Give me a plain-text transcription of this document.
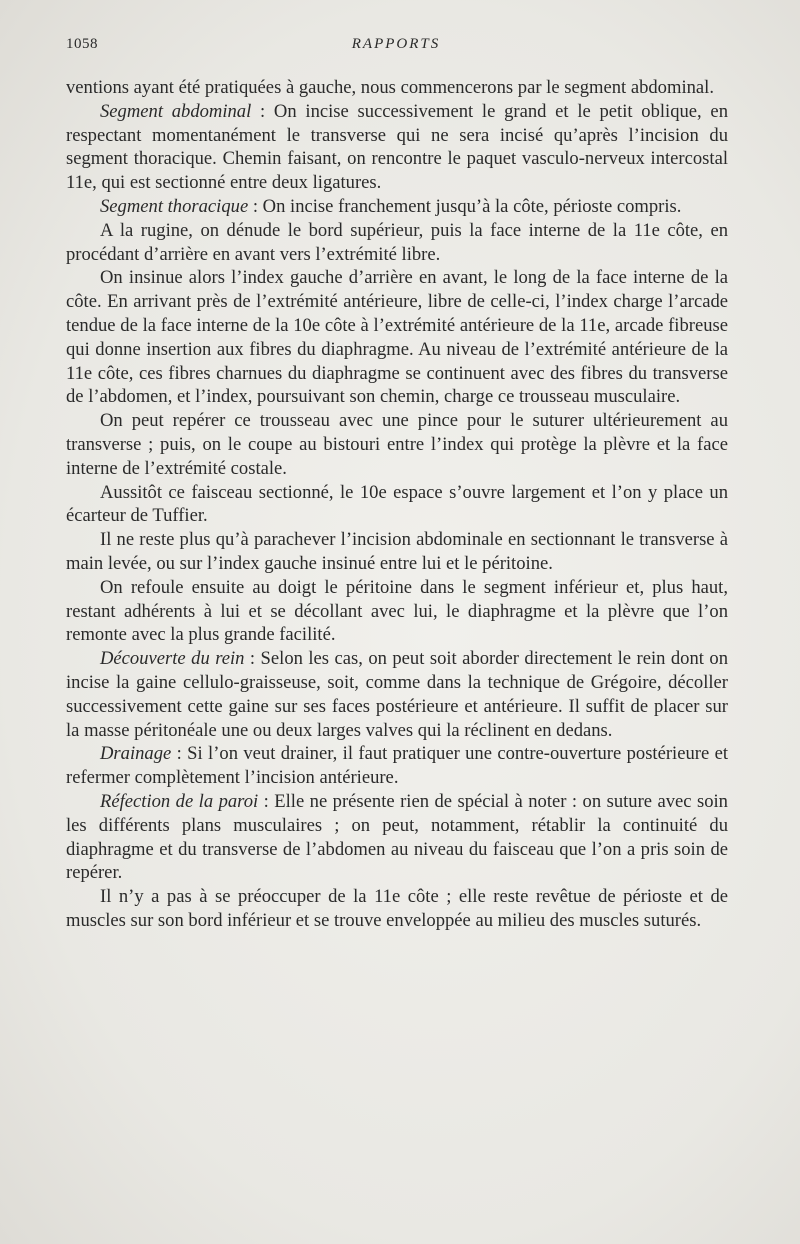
1058	RAPPORTS

ventions ayant été pratiquées à gauche, nous commencerons par le segment abdominal.

Segment abdominal : On incise successivement le grand et le petit oblique, en respectant momentanément le transverse qui ne sera incisé qu’après l’incision du segment thoracique. Chemin faisant, on rencontre le paquet vasculo-nerveux intercostal 11e, qui est sectionné entre deux ligatures.

Segment thoracique : On incise franchement jusqu’à la côte, périoste compris.

A la rugine, on dénude le bord supérieur, puis la face interne de la 11e côte, en procédant d’arrière en avant vers l’extrémité libre.

On insinue alors l’index gauche d’arrière en avant, le long de la face interne de la côte. En arrivant près de l’extrémité antérieure, libre de celle-ci, l’index charge l’arcade tendue de la face interne de la 10e côte à l’extrémité antérieure de la 11e, arcade fibreuse qui donne insertion aux fibres du diaphragme. Au niveau de l’extrémité antérieure de la 11e côte, ces fibres charnues du diaphragme se continuent avec des fibres du transverse de l’abdomen, et l’index, poursuivant son chemin, charge ce trousseau musculaire.

On peut repérer ce trousseau avec une pince pour le suturer ultérieurement au transverse ; puis, on le coupe au bistouri entre l’index qui protège la plèvre et la face interne de l’extrémité costale.

Aussitôt ce faisceau sectionné, le 10e espace s’ouvre largement et l’on y place un écarteur de Tuffier.

Il ne reste plus qu’à parachever l’incision abdominale en sectionnant le transverse à main levée, ou sur l’index gauche insinué entre lui et le péritoine.

On refoule ensuite au doigt le péritoine dans le segment inférieur et, plus haut, restant adhérents à lui et se décollant avec lui, le diaphragme et la plèvre que l’on remonte avec la plus grande facilité.

Découverte du rein : Selon les cas, on peut soit aborder directement le rein dont on incise la gaine cellulo-graisseuse, soit, comme dans la technique de Grégoire, décoller successivement cette gaine sur ses faces postérieure et antérieure. Il suffit de placer sur la masse péritonéale une ou deux larges valves qui la réclinent en dedans.

Drainage : Si l’on veut drainer, il faut pratiquer une contre-ouverture postérieure et refermer complètement l’incision antérieure.

Réfection de la paroi : Elle ne présente rien de spécial à noter : on suture avec soin les différents plans musculaires ; on peut, notamment, rétablir la continuité du diaphragme et du transverse de l’abdomen au niveau du faisceau que l’on a pris soin de repérer.

Il n’y a pas à se préoccuper de la 11e côte ; elle reste revêtue de périoste et de muscles sur son bord inférieur et se trouve enveloppée au milieu des muscles suturés.
